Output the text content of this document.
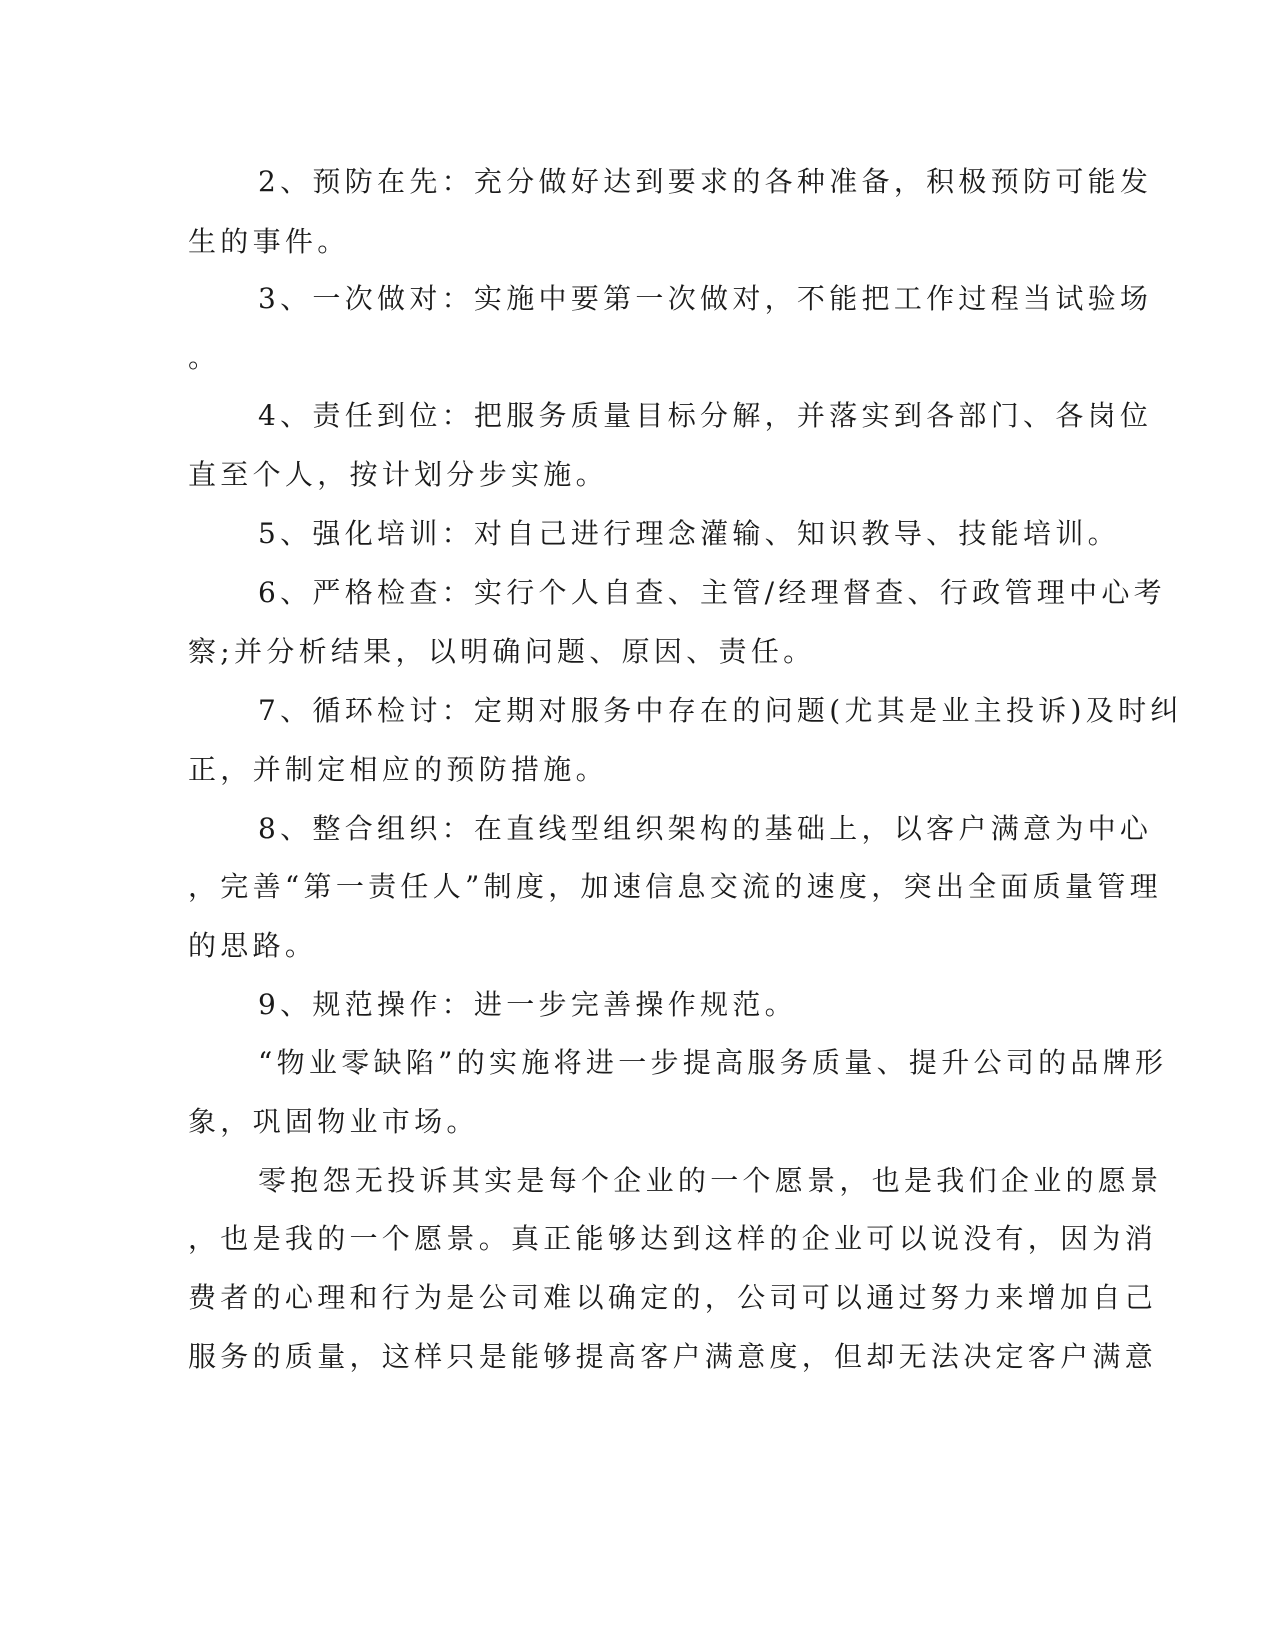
2、预防在先：充分做好达到要求的各种准备，积极预防可能发
生的事件。
3、一次做对：实施中要第一次做对，不能把工作过程当试验场
。
4、责任到位：把服务质量目标分解，并落实到各部门、各岗位
直至个人，按计划分步实施。
5、强化培训：对自己进行理念灌输、知识教导、技能培训。
6、严格检查：实行个人自查、主管/经理督查、行政管理中心考
察;并分析结果，以明确问题、原因、责任。
7、循环检讨：定期对服务中存在的问题(尤其是业主投诉)及时纠
正，并制定相应的预防措施。
8、整合组织：在直线型组织架构的基础上，以客户满意为中心
，完善“第一责任人”制度，加速信息交流的速度，突出全面质量管理
的思路。
9、规范操作：进一步完善操作规范。
“物业零缺陷”的实施将进一步提高服务质量、提升公司的品牌形
象，巩固物业市场。
零抱怨无投诉其实是每个企业的一个愿景，也是我们企业的愿景
，也是我的一个愿景。真正能够达到这样的企业可以说没有，因为消
费者的心理和行为是公司难以确定的，公司可以通过努力来增加自己
服务的质量，这样只是能够提高客户满意度，但却无法决定客户满意
